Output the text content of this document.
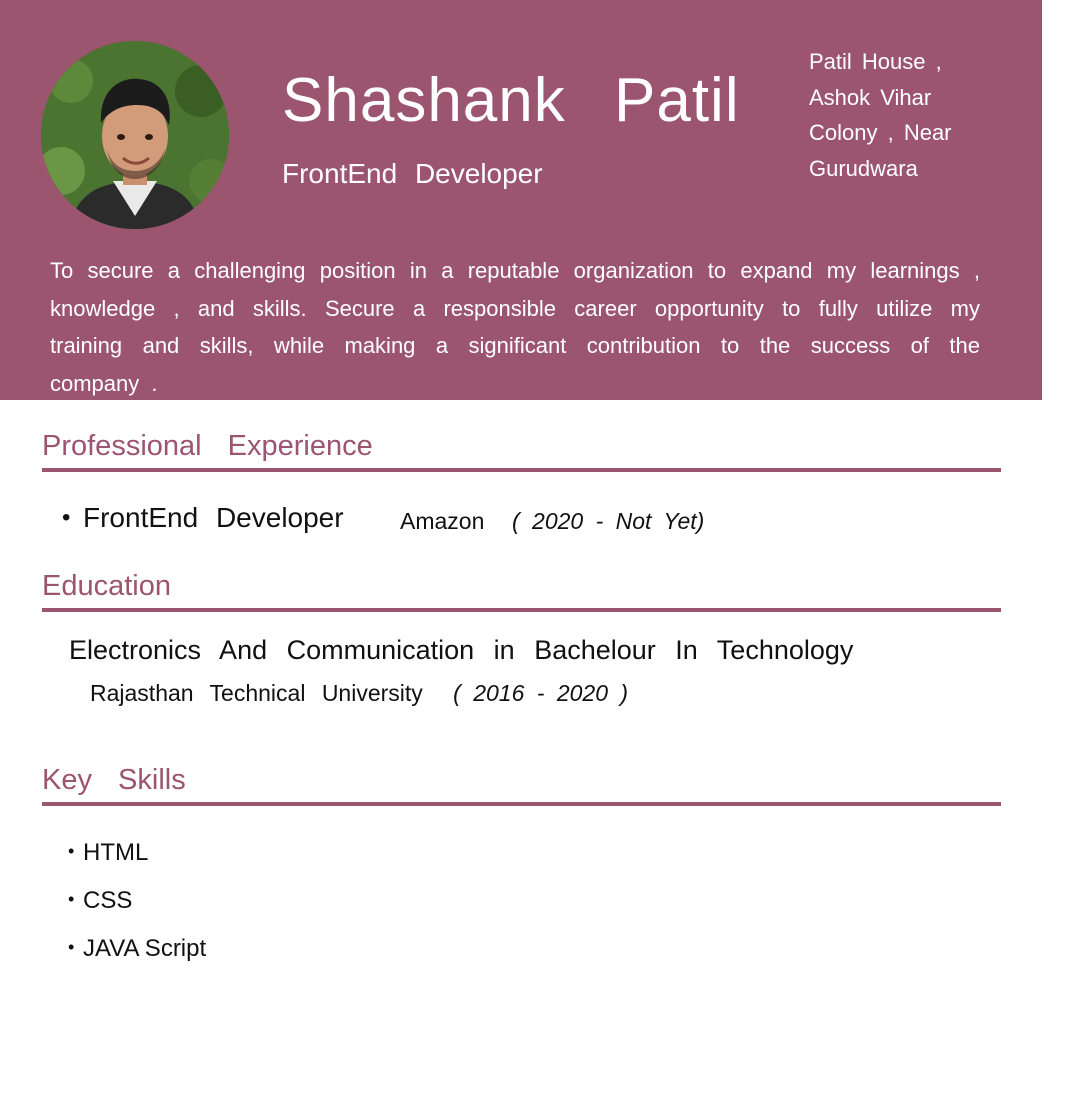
Shashank Patil
FrontEnd Developer
Patil House ,
Ashok Vihar
Colony , Near
Gurudwara

To secure a challenging position in a reputable organization to expand my learnings , knowledge , and skills. Secure a responsible career opportunity to fully utilize my training and skills, while making a significant contribution to the success of the company .

Professional Experience
• FrontEnd Developer Amazon ( 2020 - Not Yet)
Education
Electronics And Communication in Bachelour In Technology
Rajasthan Technical University ( 2016 - 2020 )
Key Skills
• HTML
• CSS
• JAVA Script
